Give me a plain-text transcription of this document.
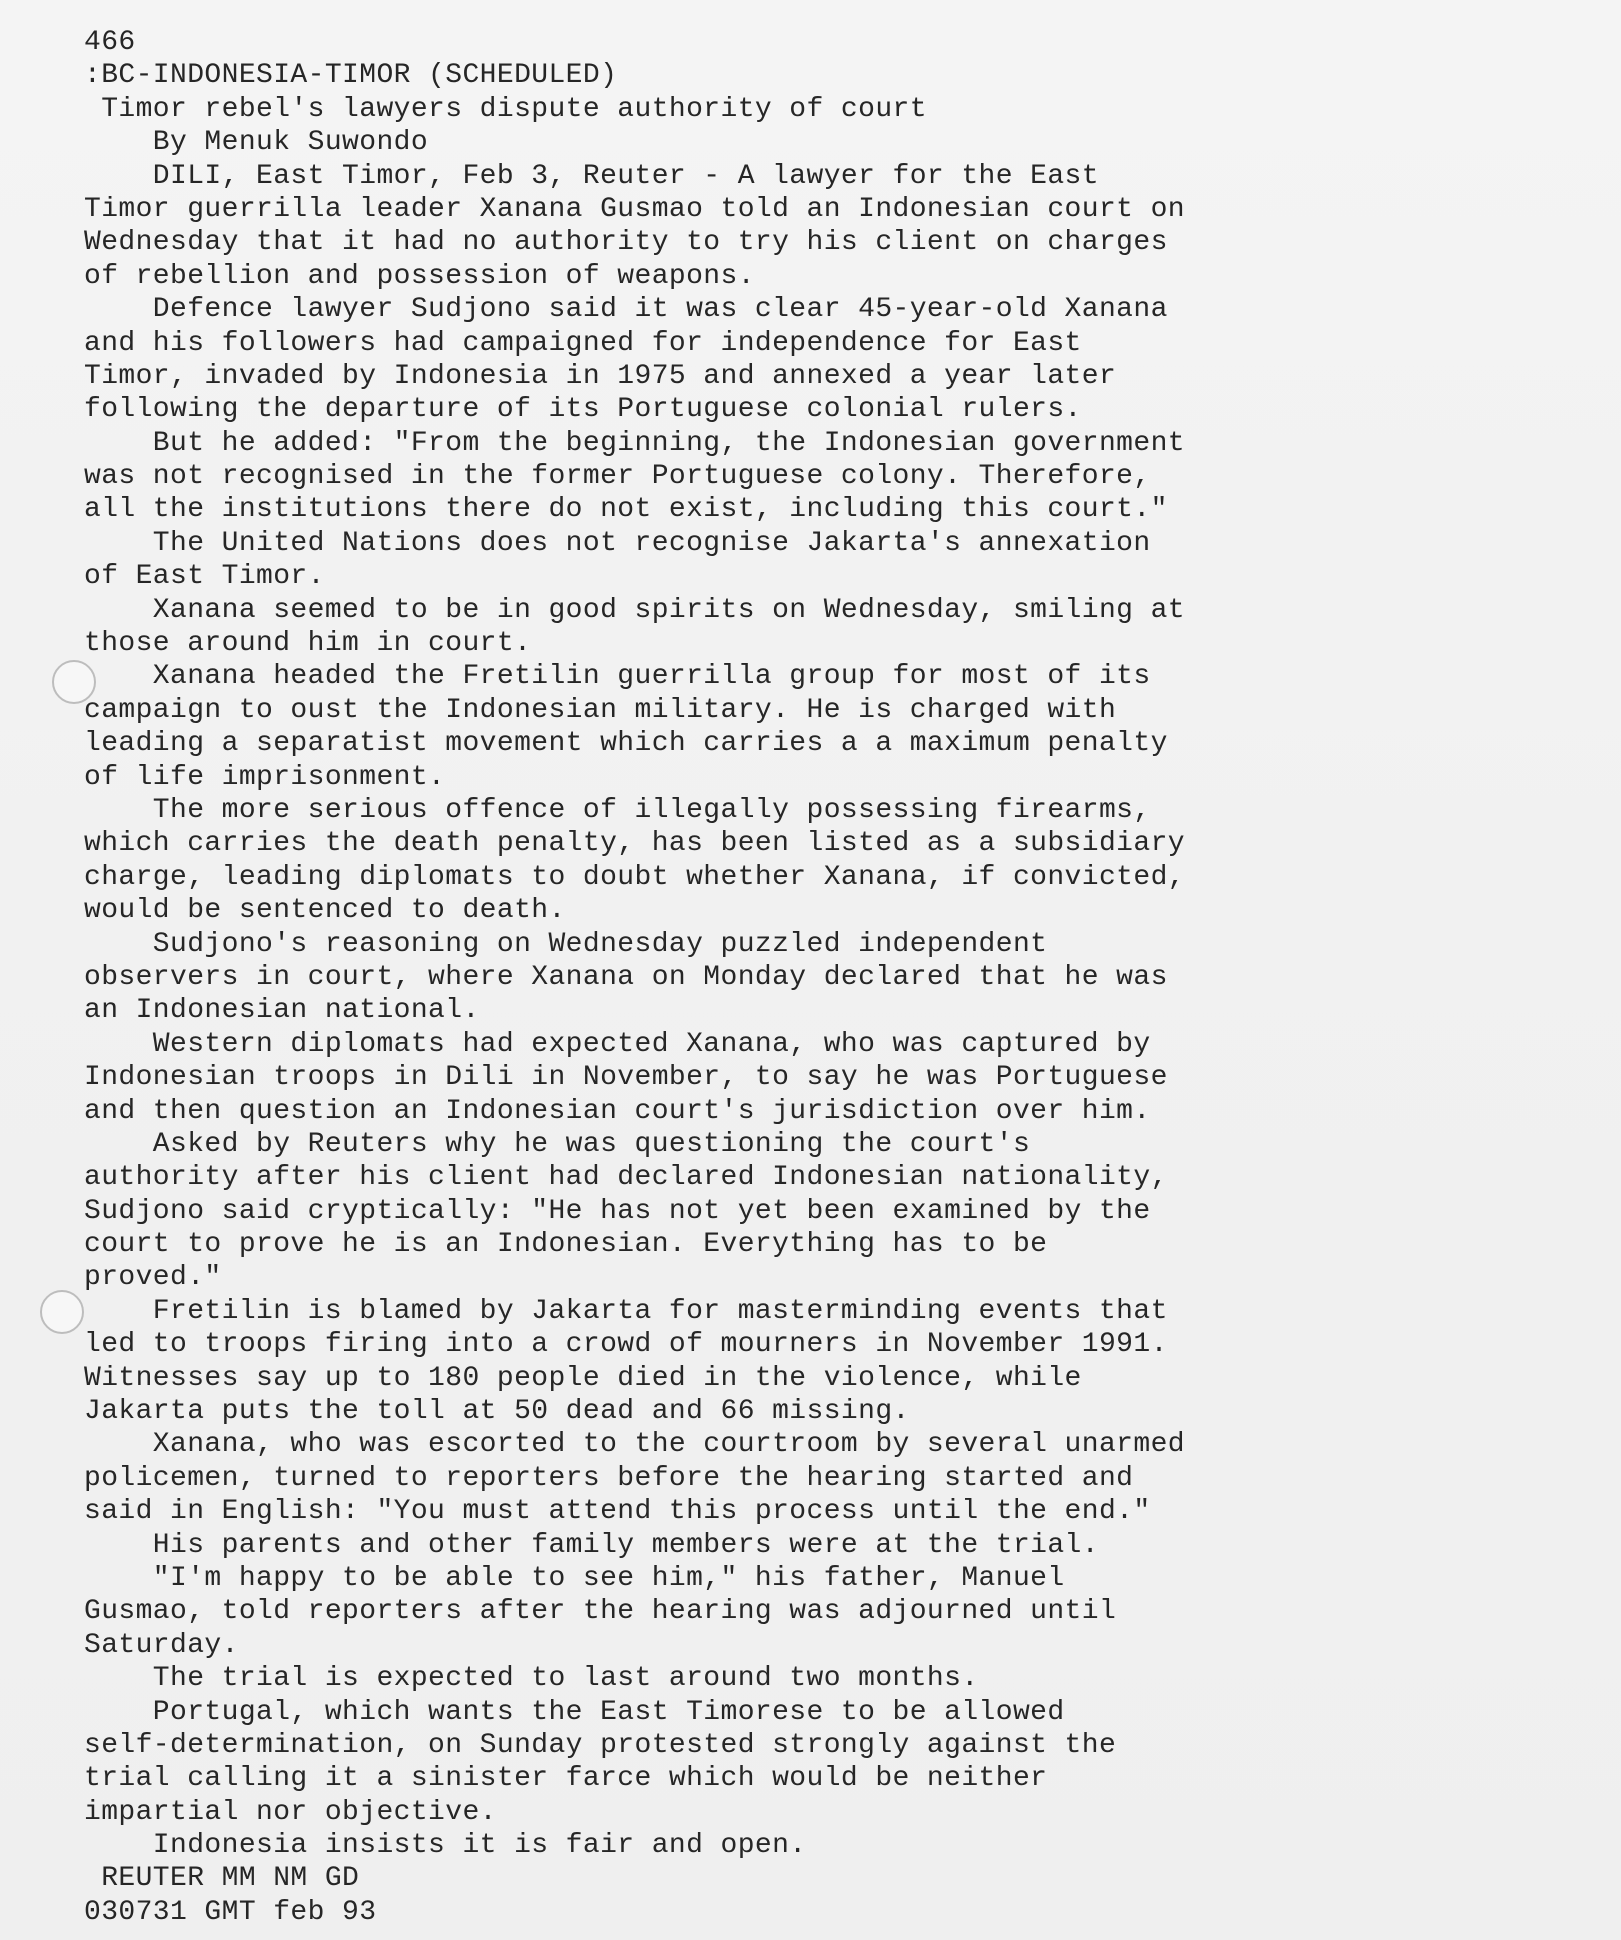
466
:BC-INDONESIA-TIMOR (SCHEDULED)
Timor rebel's lawyers dispute authority of court
By Menuk Suwondo
DILI, East Timor, Feb 3, Reuter - A lawyer for the East
Timor guerrilla leader Xanana Gusmao told an Indonesian court on
Wednesday that it had no authority to try his client on charges
of rebellion and possession of weapons.
Defence lawyer Sudjono said it was clear 45-year-old Xanana
and his followers had campaigned for independence for East
Timor, invaded by Indonesia in 1975 and annexed a year later
following the departure of its Portuguese colonial rulers.
But he added: "From the beginning, the Indonesian government
was not recognised in the former Portuguese colony. Therefore,
all the institutions there do not exist, including this court."
The United Nations does not recognise Jakarta's annexation
of East Timor.
Xanana seemed to be in good spirits on Wednesday, smiling at
those around him in court.
Xanana headed the Fretilin guerrilla group for most of its
campaign to oust the Indonesian military. He is charged with
leading a separatist movement which carries a a maximum penalty
of life imprisonment.
The more serious offence of illegally possessing firearms,
which carries the death penalty, has been listed as a subsidiary
charge, leading diplomats to doubt whether Xanana, if convicted,
would be sentenced to death.
Sudjono's reasoning on Wednesday puzzled independent
observers in court, where Xanana on Monday declared that he was
an Indonesian national.
Western diplomats had expected Xanana, who was captured by
Indonesian troops in Dili in November, to say he was Portuguese
and then question an Indonesian court's jurisdiction over him.
Asked by Reuters why he was questioning the court's
authority after his client had declared Indonesian nationality,
Sudjono said cryptically: "He has not yet been examined by the
court to prove he is an Indonesian. Everything has to be
proved."
Fretilin is blamed by Jakarta for masterminding events that
led to troops firing into a crowd of mourners in November 1991.
Witnesses say up to 180 people died in the violence, while
Jakarta puts the toll at 50 dead and 66 missing.
Xanana, who was escorted to the courtroom by several unarmed
policemen, turned to reporters before the hearing started and
said in English: "You must attend this process until the end."
His parents and other family members were at the trial.
"I'm happy to be able to see him," his father, Manuel
Gusmao, told reporters after the hearing was adjourned until
Saturday.
The trial is expected to last around two months.
Portugal, which wants the East Timorese to be allowed
self-determination, on Sunday protested strongly against the
trial calling it a sinister farce which would be neither
impartial nor objective.
Indonesia insists it is fair and open.
REUTER MM NM GD
030731 GMT feb 93
